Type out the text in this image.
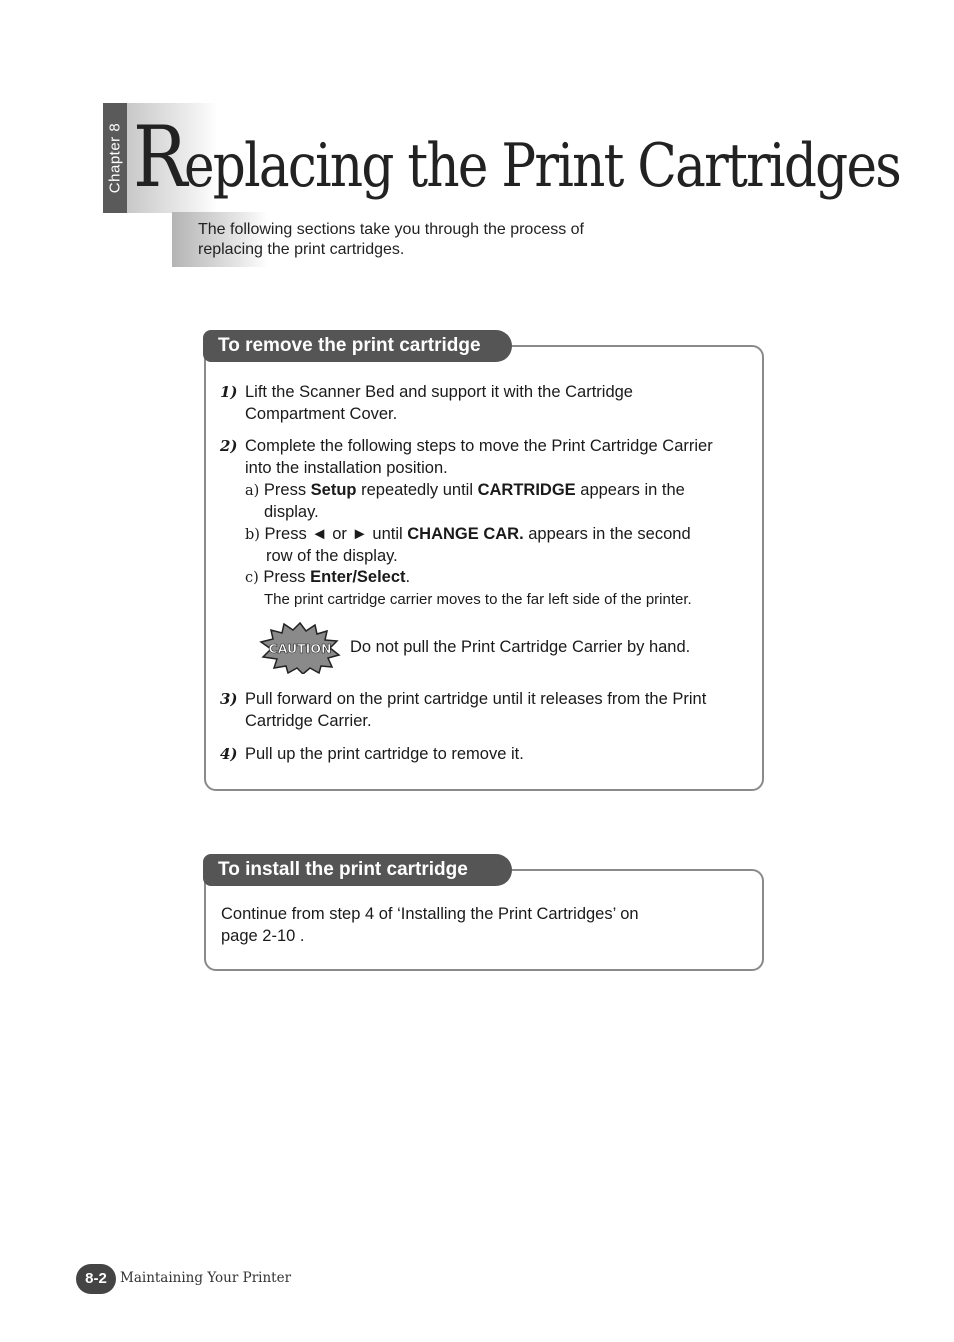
Chapter 8 Replacing the Print Cartridges
The following sections take you through the process of
replacing the print cartridges.
To remove the print cartridge
1) Lift the Scanner Bed and support it with the Cartridge
Compartment Cover.
2) Complete the following steps to move the Print Cartridge Carrier
into the installation position.
a) Press Setup repeatedly until CARTRIDGE appears in the
display.
b) Press ◄ or ► until CHANGE CAR. appears in the second
row of the display.
c) Press Enter/Select.
The print cartridge carrier moves to the far left side of the printer.
CAUTION Do not pull the Print Cartridge Carrier by hand.
3) Pull forward on the print cartridge until it releases from the Print
Cartridge Carrier.
4) Pull up the print cartridge to remove it.
To install the print cartridge
Continue from step 4 of ‘Installing the Print Cartridges’ on
page 2-10 .
8-2 Maintaining Your Printer
